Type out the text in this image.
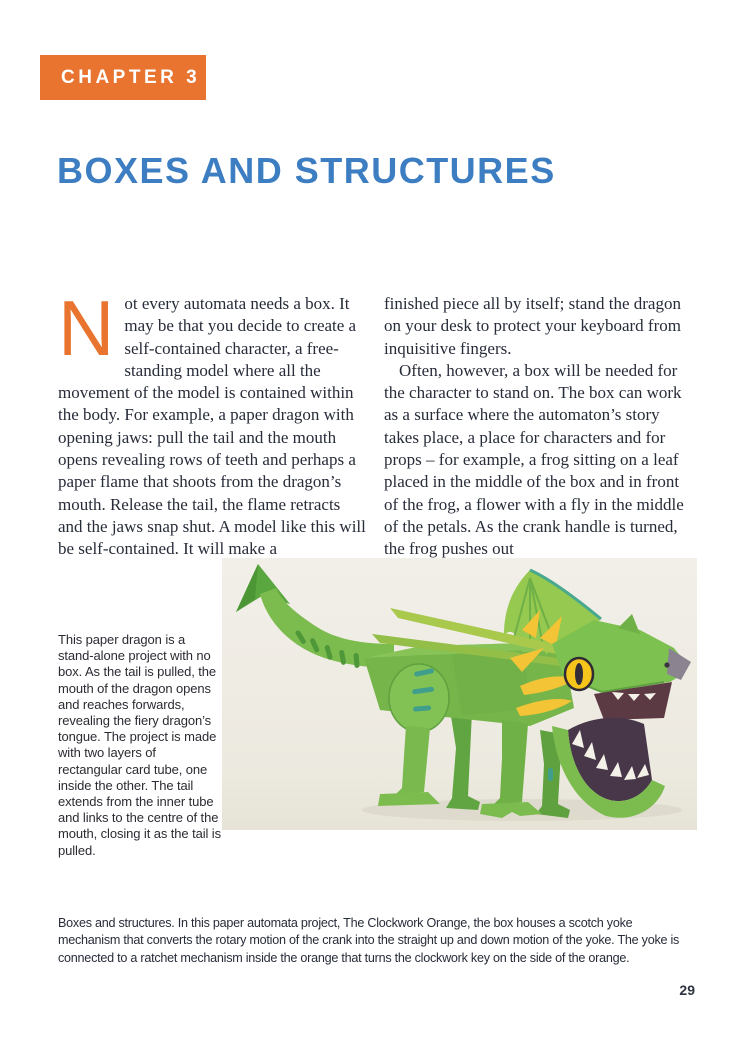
CHAPTER 3
BOXES AND STRUCTURES
Not every automata needs a box. It may be that you decide to create a self-contained character, a free-standing model where all the movement of the model is contained within the body. For example, a paper dragon with opening jaws: pull the tail and the mouth opens revealing rows of teeth and perhaps a paper flame that shoots from the dragon’s mouth. Release the tail, the flame retracts and the jaws snap shut. A model like this will be self-contained. It will make a
finished piece all by itself; stand the dragon on your desk to protect your keyboard from inquisitive fingers.
Often, however, a box will be needed for the character to stand on. The box can work as a surface where the automaton’s story takes place, a place for characters and for props – for example, a frog sitting on a leaf placed in the middle of the box and in front of the frog, a flower with a fly in the middle of the petals. As the crank handle is turned, the frog pushes out
This paper dragon is a stand-alone project with no box. As the tail is pulled, the mouth of the dragon opens and reaches forwards, revealing the fiery dragon’s tongue. The project is made with two layers of rectangular card tube, one inside the other. The tail extends from the inner tube and links to the centre of the mouth, closing it as the tail is pulled.
Boxes and structures. In this paper automata project, The Clockwork Orange, the box houses a scotch yoke mechanism that converts the rotary motion of the crank into the straight up and down motion of the yoke. The yoke is connected to a ratchet mechanism inside the orange that turns the clockwork key on the side of the orange.
29
